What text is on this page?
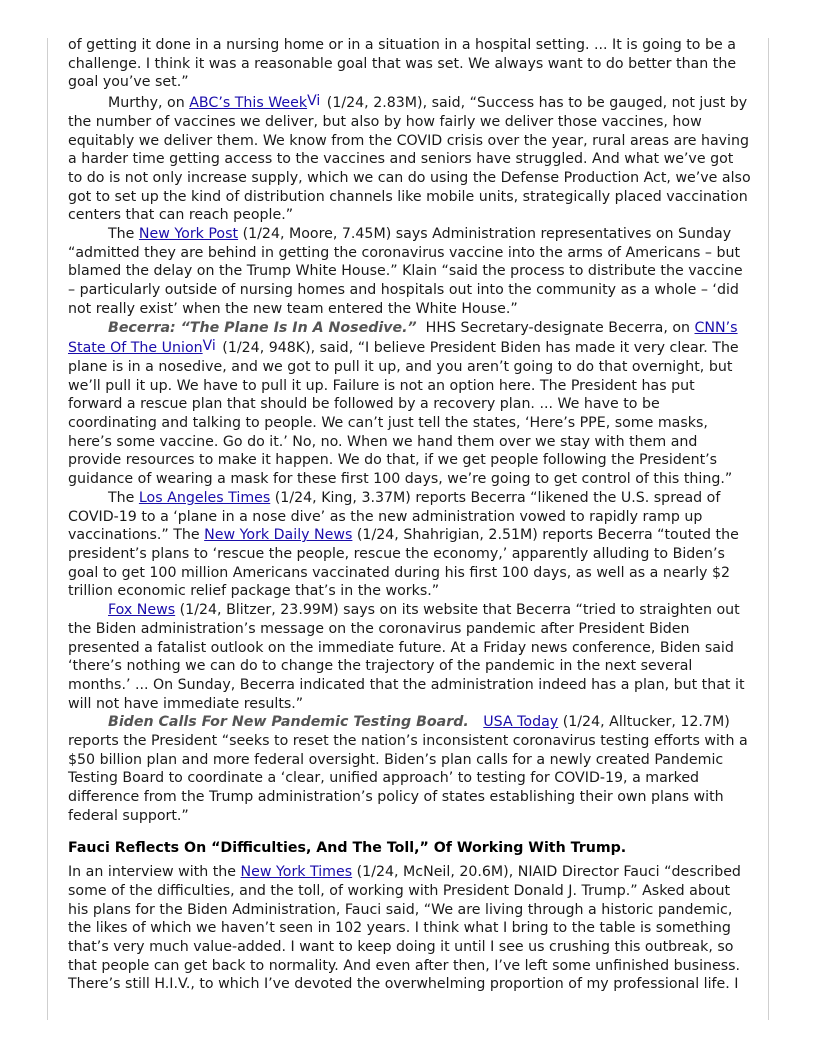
of getting it done in a nursing home or in a situation in a hospital setting. ... It is going to be a challenge. I think it was a reasonable goal that was set. We always want to do better than the goal you’ve set.”

Murthy, on ABC’s This WeekVi (1/24, 2.83M), said, “Success has to be gauged, not just by the number of vaccines we deliver, but also by how fairly we deliver those vaccines, how equitably we deliver them. We know from the COVID crisis over the year, rural areas are having a harder time getting access to the vaccines and seniors have struggled. And what we’ve got to do is not only increase supply, which we can do using the Defense Production Act, we’ve also got to set up the kind of distribution channels like mobile units, strategically placed vaccination centers that can reach people.”

The New York Post (1/24, Moore, 7.45M) says Administration representatives on Sunday “admitted they are behind in getting the coronavirus vaccine into the arms of Americans – but blamed the delay on the Trump White House.” Klain “said the process to distribute the vaccine – particularly outside of nursing homes and hospitals out into the community as a whole – ‘did not really exist’ when the new team entered the White House.”

Becerra: “The Plane Is In A Nosedive.”  HHS Secretary-designate Becerra, on CNN’s State Of The UnionVi (1/24, 948K), said, “I believe President Biden has made it very clear. The plane is in a nosedive, and we got to pull it up, and you aren’t going to do that overnight, but we’ll pull it up. We have to pull it up. Failure is not an option here. The President has put forward a rescue plan that should be followed by a recovery plan. ... We have to be coordinating and talking to people. We can’t just tell the states, ‘Here’s PPE, some masks, here’s some vaccine. Go do it.’ No, no. When we hand them over we stay with them and provide resources to make it happen. We do that, if we get people following the President’s guidance of wearing a mask for these first 100 days, we’re going to get control of this thing.”

The Los Angeles Times (1/24, King, 3.37M) reports Becerra “likened the U.S. spread of COVID-19 to a ‘plane in a nose dive’ as the new administration vowed to rapidly ramp up vaccinations.” The New York Daily News (1/24, Shahrigian, 2.51M) reports Becerra “touted the president’s plans to ‘rescue the people, rescue the economy,’ apparently alluding to Biden’s goal to get 100 million Americans vaccinated during his first 100 days, as well as a nearly $2 trillion economic relief package that’s in the works.”

Fox News (1/24, Blitzer, 23.99M) says on its website that Becerra “tried to straighten out the Biden administration’s message on the coronavirus pandemic after President Biden presented a fatalist outlook on the immediate future. At a Friday news conference, Biden said ‘there’s nothing we can do to change the trajectory of the pandemic in the next several months.’ ... On Sunday, Becerra indicated that the administration indeed has a plan, but that it will not have immediate results.”

Biden Calls For New Pandemic Testing Board. USA Today (1/24, Alltucker, 12.7M) reports the President “seeks to reset the nation’s inconsistent coronavirus testing efforts with a $50 billion plan and more federal oversight. Biden’s plan calls for a newly created Pandemic Testing Board to coordinate a ‘clear, unified approach’ to testing for COVID-19, a marked difference from the Trump administration’s policy of states establishing their own plans with federal support.”

Fauci Reflects On “Difficulties, And The Toll,” Of Working With Trump.

In an interview with the New York Times (1/24, McNeil, 20.6M), NIAID Director Fauci “described some of the difficulties, and the toll, of working with President Donald J. Trump.” Asked about his plans for the Biden Administration, Fauci said, “We are living through a historic pandemic, the likes of which we haven’t seen in 102 years. I think what I bring to the table is something that’s very much value-added. I want to keep doing it until I see us crushing this outbreak, so that people can get back to normality. And even after then, I’ve left some unfinished business. There’s still H.I.V., to which I’ve devoted the overwhelming proportion of my professional life. I
